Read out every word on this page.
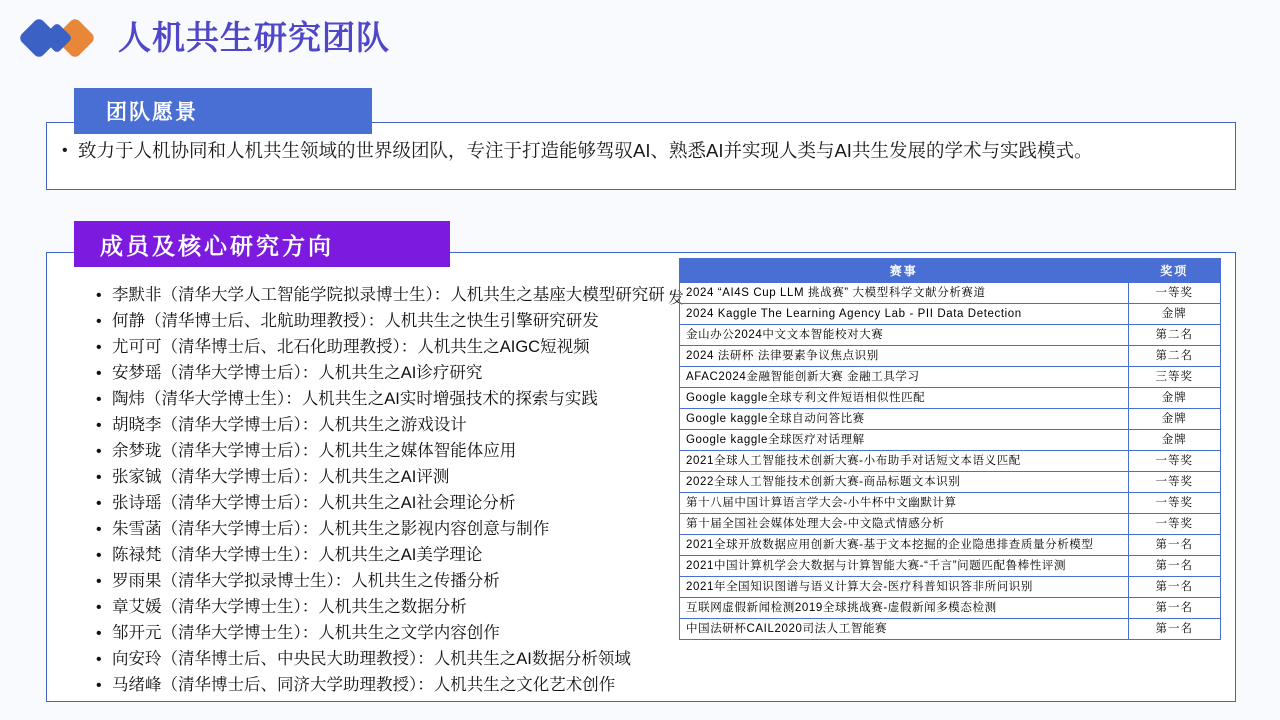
人机共生研究团队
团队愿景
• 致力于人机协同和人机共生领域的世界级团队，专注于打造能够驾驭AI、熟悉AI并实现人类与AI共生发展的学术与实践模式。
成员及核心研究方向
• 李默非（清华大学人工智能学院拟录博士生）：人机共生之基座大模型研究研
• 何静（清华博士后、北航助理教授）：人机共生之快生引擎研究研发
• 尤可可（清华博士后、北石化助理教授）：人机共生之AIGC短视频
• 安梦瑶（清华大学博士后）：人机共生之AI诊疗研究
• 陶炜（清华大学博士生）：人机共生之AI实时增强技术的探索与实践
• 胡晓李（清华大学博士后）：人机共生之游戏设计
• 余梦珑（清华大学博士后）：人机共生之媒体智能体应用
• 张家铖（清华大学博士后）：人机共生之AI评测
• 张诗瑶（清华大学博士后）：人机共生之AI社会理论分析
• 朱雪菡（清华大学博士后）：人机共生之影视内容创意与制作
• 陈禄梵（清华大学博士生）：人机共生之AI美学理论
• 罗雨果（清华大学拟录博士生）：人机共生之传播分析
• 章艾媛（清华大学博士生）：人机共生之数据分析
• 邹开元（清华大学博士生）：人机共生之文学内容创作
• 向安玲（清华博士后、中央民大助理教授）：人机共生之AI数据分析领域
• 马绪峰（清华博士后、同济大学助理教授）：人机共生之文化艺术创作
发
赛事	奖项
2024 “AI4S Cup LLM 挑战赛” 大模型科学文献分析赛道	一等奖
2024 Kaggle The Learning Agency Lab - PII Data Detection	金牌
金山办公2024中文文本智能校对大赛	第二名
2024 法研杯 法律要素争议焦点识别	第二名
AFAC2024金融智能创新大赛 金融工具学习	三等奖
Google kaggle全球专利文件短语相似性匹配	金牌
Google kaggle全球自动问答比赛	金牌
Google kaggle全球医疗对话理解	金牌
2021全球人工智能技术创新大赛-小布助手对话短文本语义匹配	一等奖
2022全球人工智能技术创新大赛-商品标题文本识别	一等奖
第十八届中国计算语言学大会-小牛杯中文幽默计算	一等奖
第十届全国社会媒体处理大会-中文隐式情感分析	一等奖
2021全球开放数据应用创新大赛-基于文本挖掘的企业隐患排查质量分析模型	第一名
2021中国计算机学会大数据与计算智能大赛-“千言”问题匹配鲁棒性评测	第一名
2021年全国知识图谱与语义计算大会-医疗科普知识答非所问识别	第一名
互联网虚假新闻检测2019全球挑战赛-虚假新闻多模态检测	第一名
中国法研杯CAIL2020司法人工智能赛	第一名
